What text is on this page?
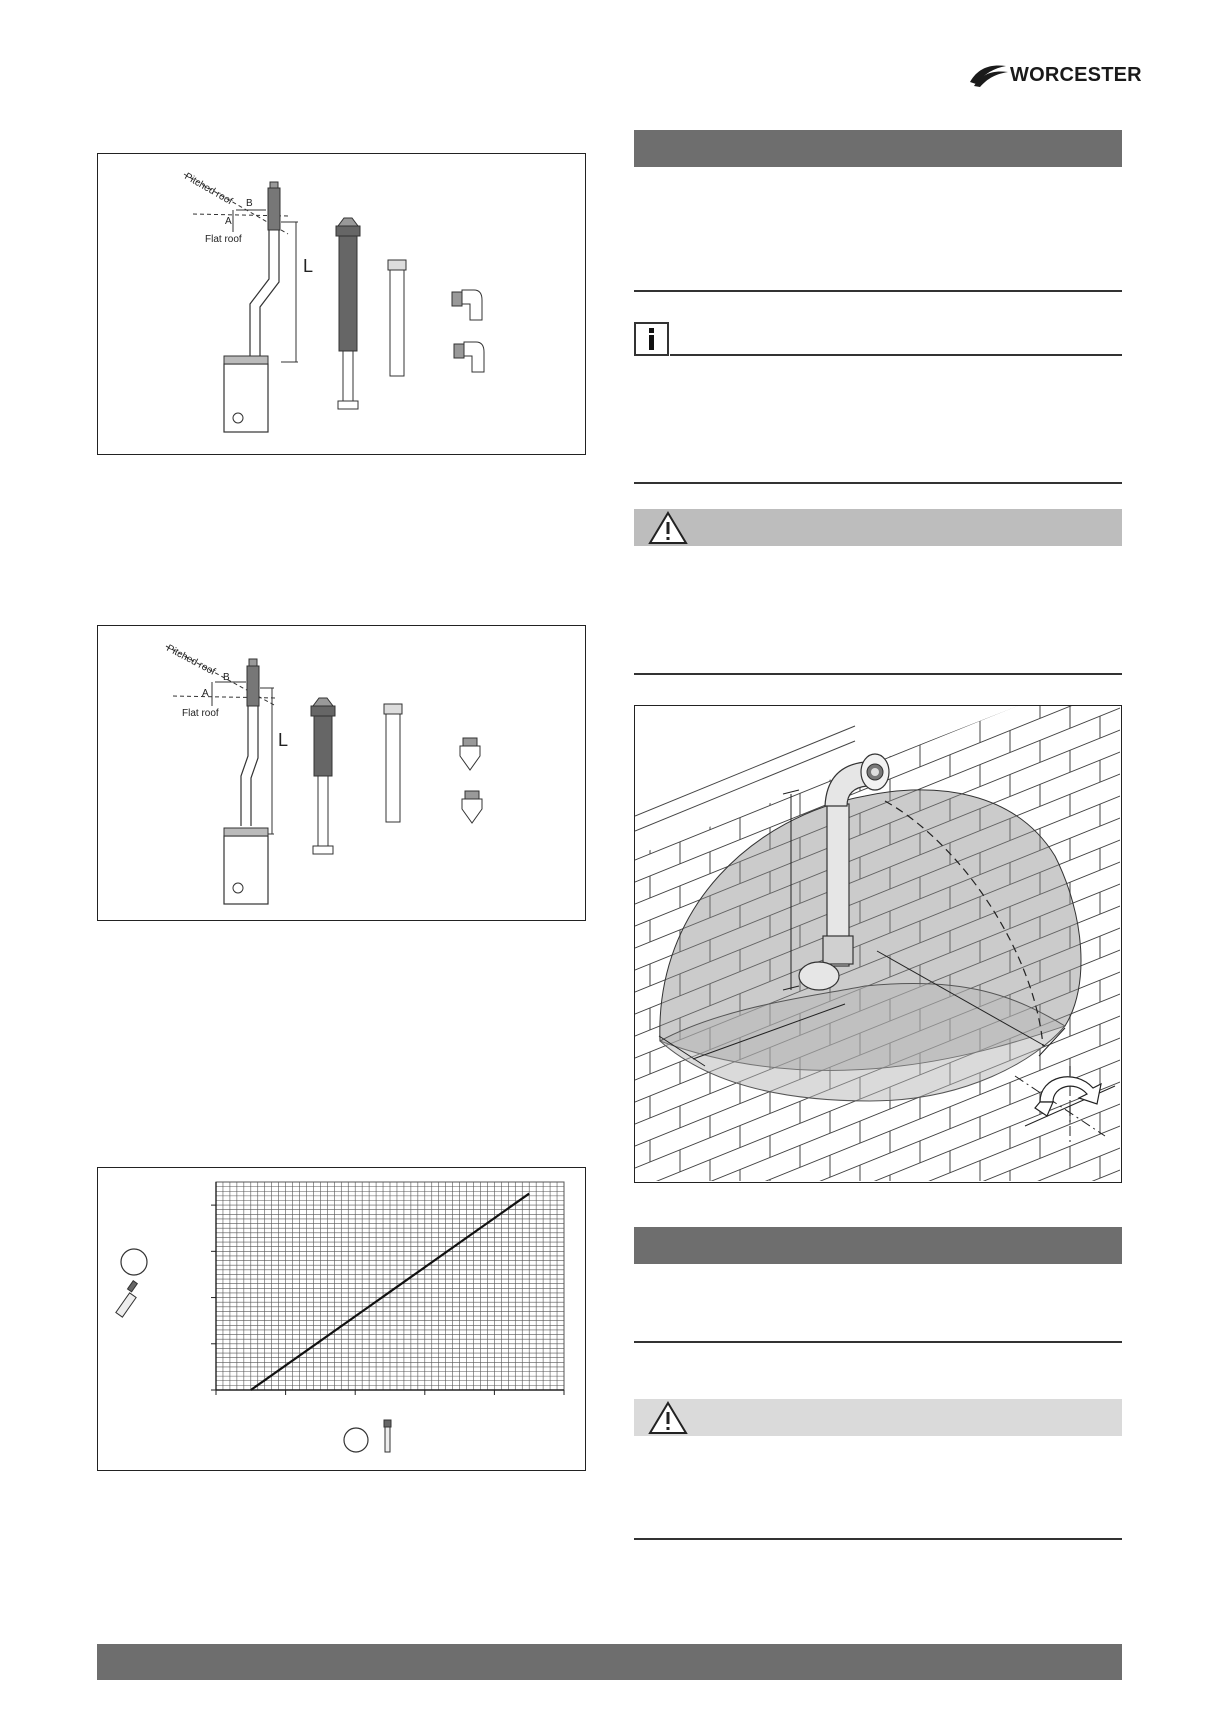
WORCESTER
Pitched roof
Flat roof
A
B
L
Pitched roof
Flat roof
A
B
L
